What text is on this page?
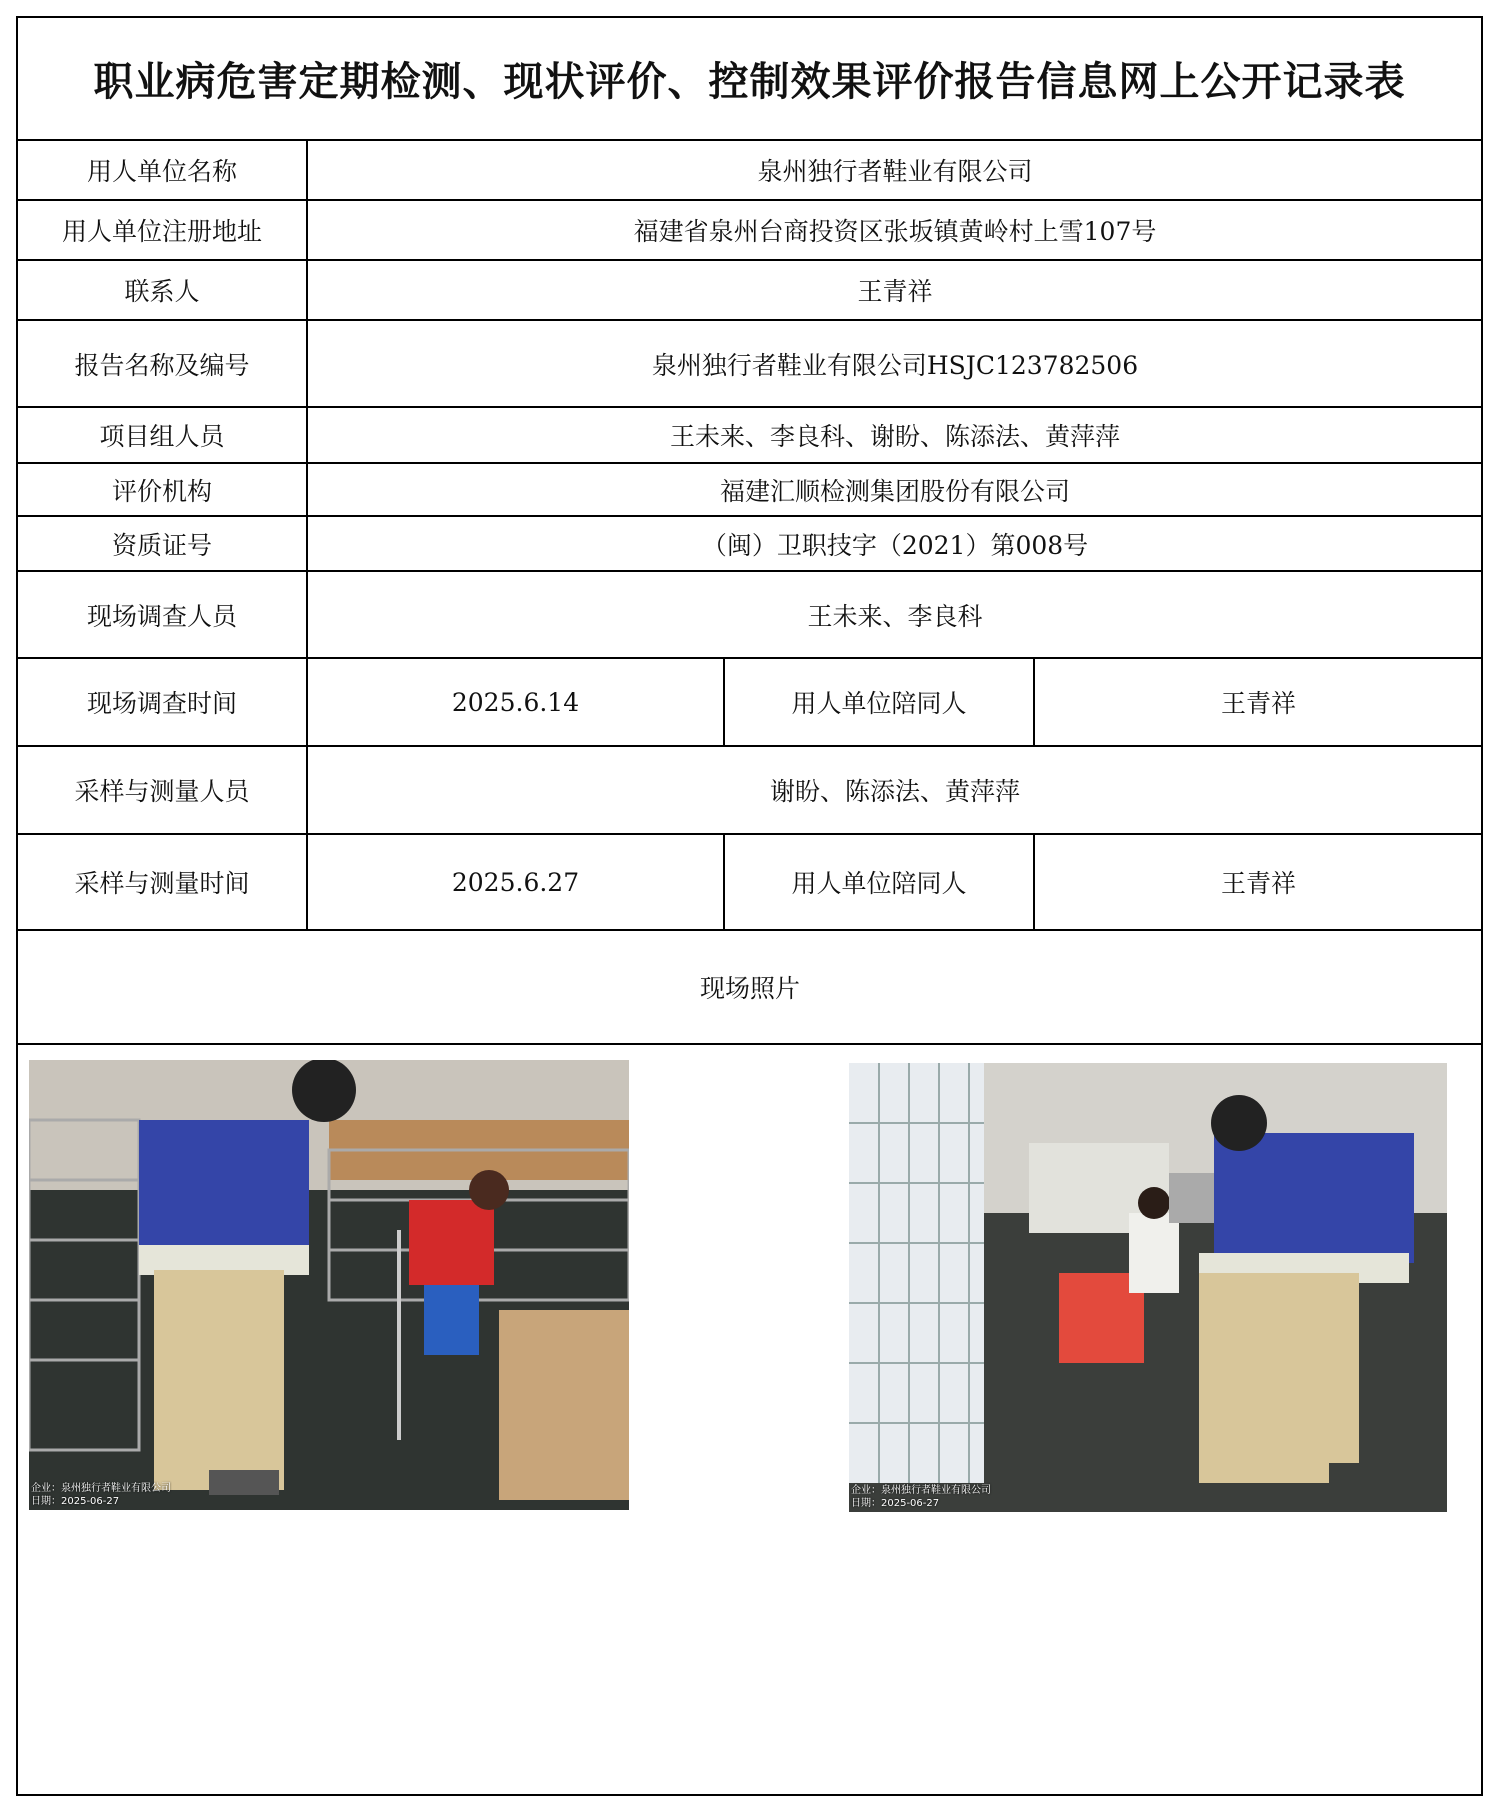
职业病危害定期检测、现状评价、控制效果评价报告信息网上公开记录表
用人单位名称	泉州独行者鞋业有限公司
用人单位注册地址	福建省泉州台商投资区张坂镇黄岭村上雪107号
联系人	王青祥
报告名称及编号	泉州独行者鞋业有限公司HSJC123782506
项目组人员	王未来、李良科、谢盼、陈添法、黄萍萍
评价机构	福建汇顺检测集团股份有限公司
资质证号	（闽）卫职技字（2021）第008号
现场调查人员	王未来、李良科
现场调查时间	2025.6.14	用人单位陪同人	王青祥
采样与测量人员	谢盼、陈添法、黄萍萍
采样与测量时间	2025.6.27	用人单位陪同人	王青祥
现场照片
企业：泉州独行者鞋业有限公司
日期：2025-06-27
企业：泉州独行者鞋业有限公司
日期：2025-06-27
